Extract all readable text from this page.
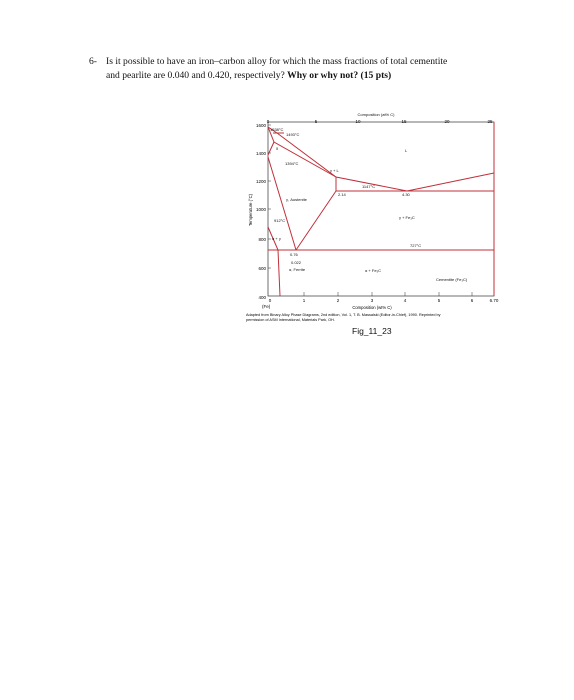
6- Is it possible to have an iron–carbon alloy for which the mass fractions of total cementite
and pearlite are 0.040 and 0.420, respectively? Why or why not? (15 pts)
Composition (at% C)
0	5	10	15	20	25
Temperature (°C)
1600
1400
1200
1000
800
600
400
0	1	2	3	4	5	6	6.70
(Fe)	Composition (wt% C)
1538°C
1493°C
1394°C
γ + L
L
1147°C
γ, Austenite
2.14	4.30
γ + Fe₃C
912°C
727°C
0.76
0.022
α, Ferrite	α + Fe₃C
Cementite (Fe₃C)
δ
α + γ
Adapted from Binary Alloy Phase Diagrams, 2nd edition, Vol. 1, T. B. Massalski (Editor-in-Chief), 1990. Reprinted by
permission of ASM International, Materials Park, OH.
Fig_11_23
